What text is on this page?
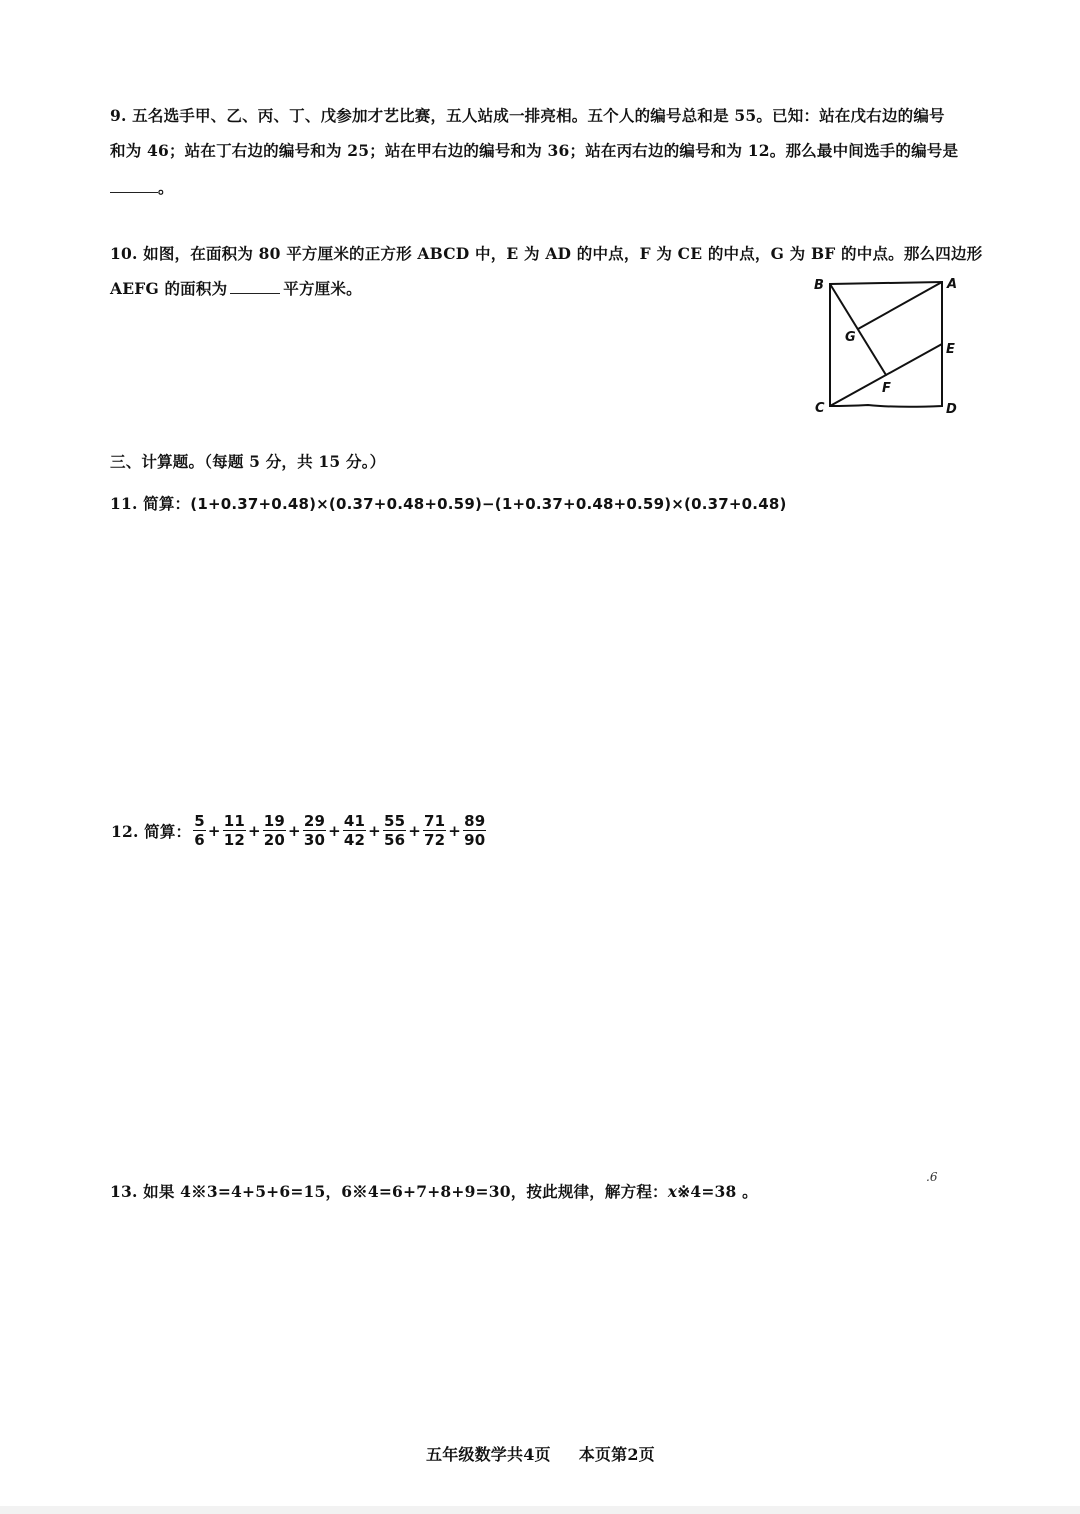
9. 五名选手甲、乙、丙、丁、戊参加才艺比赛，五人站成一排亮相。五个人的编号总和是 55。已知：站在戊右边的编号
和为 46；站在丁右边的编号和为 25；站在甲右边的编号和为 36；站在丙右边的编号和为 12。那么最中间选手的编号是
。
10. 如图，在面积为 80 平方厘米的正方形 ABCD 中，E 为 AD 的中点，F 为 CE 的中点，G 为 BF 的中点。那么四边形
AEFG 的面积为	平方厘米。	B	A
G
E
F
C	D
三、计算题。（每题 5 分，共 15 分。）
11. 简算：(1+0.37+0.48)×(0.37+0.48+0.59)−(1+0.37+0.48+0.59)×(0.37+0.48)
12. 简算： $\frac{5}{6} + \frac{11}{12} + \frac{19}{20} + \frac{29}{30} + \frac{41}{42} + \frac{55}{56} + \frac{71}{72} + \frac{89}{90}$
13. 如果 4※3=4+5+6=15，6※4=6+7+8+9=30，按此规律，解方程：x※4=38 。
.6
五年级数学共4页 本页第2页
